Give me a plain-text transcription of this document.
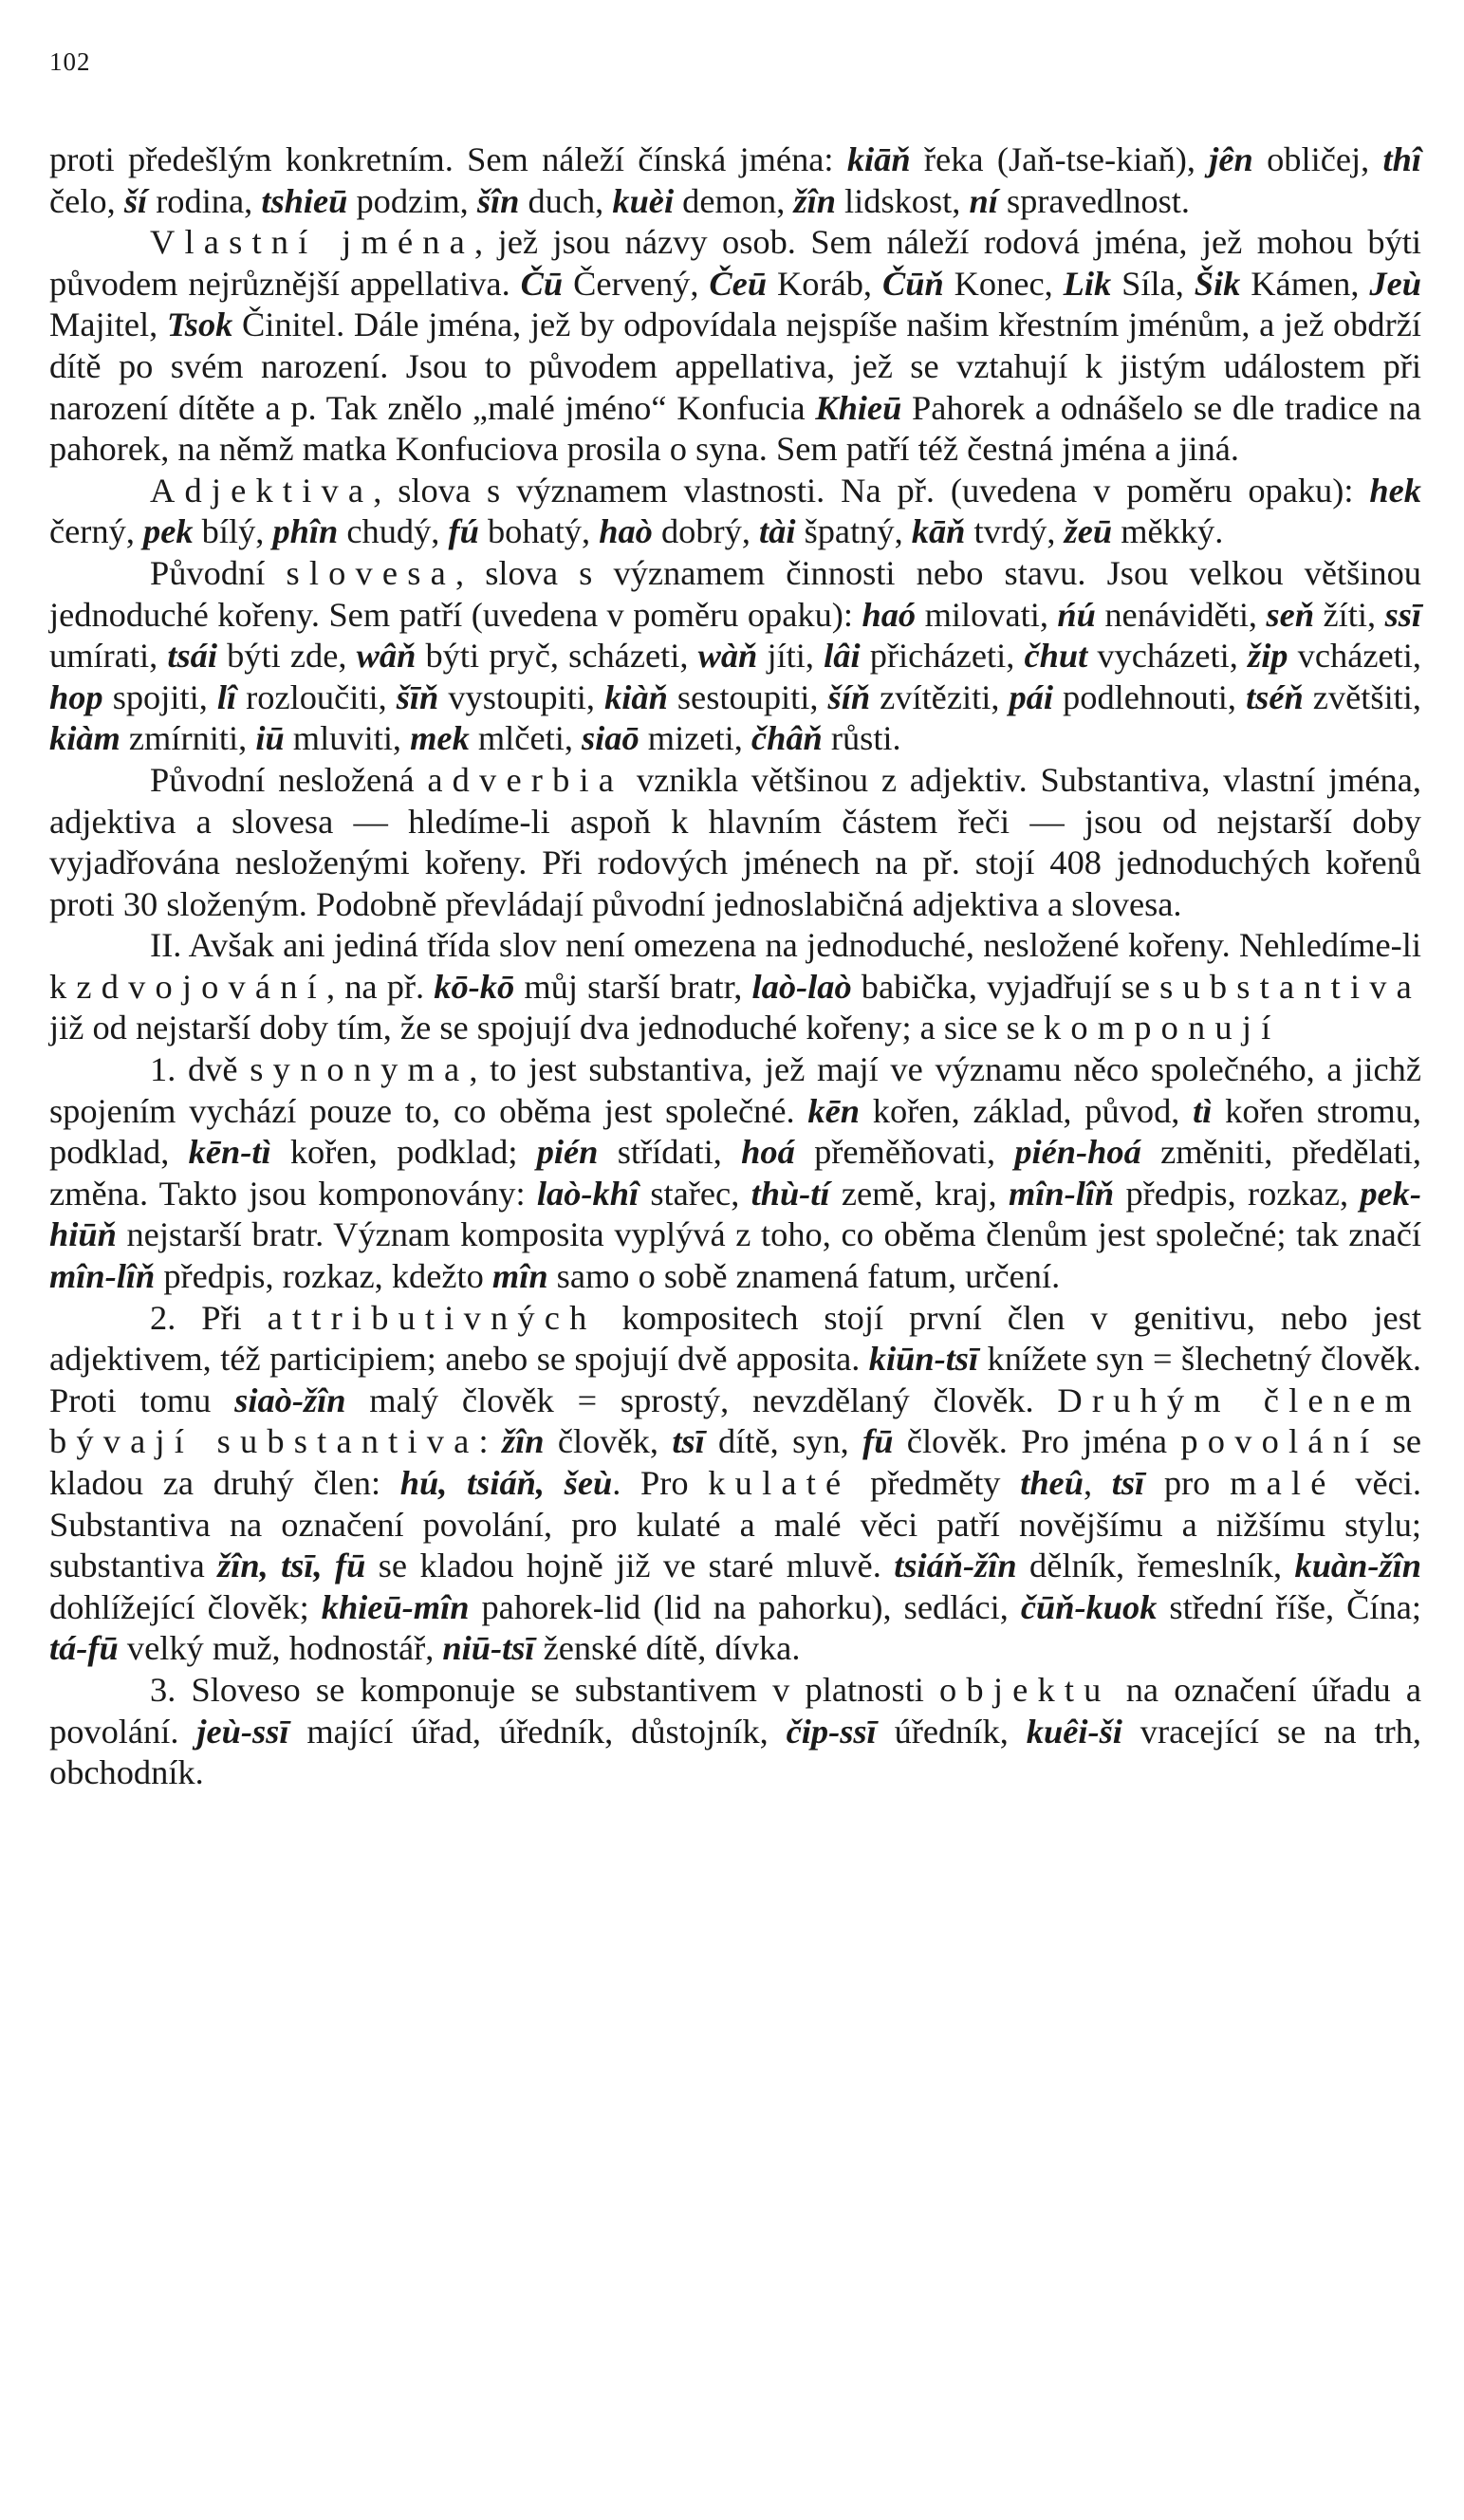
102

proti předešlým konkretním. Sem náleží čínská jména: kiāň řeka (Jaň-tse-kiaň), jên obličej, thî čelo, ší rodina, tshieū podzim, šîn duch, kuèi demon, žîn lidskost, ní spravedlnost.

Vlastní jména, jež jsou názvy osob. Sem náleží rodová jména, jež mohou býti původem nejrůznější appellativa. Čū Červený, Čeū Koráb, Čūň Konec, Lik Síla, Šik Kámen, Jeù Majitel, Tsok Činitel. Dále jména, jež by odpovídala nejspíše našim křestním jménům, a jež obdrží dítě po svém narození. Jsou to původem appellativa, jež se vztahují k jistým událostem při narození dítěte a p. Tak znělo „malé jméno“ Konfucia Khieū Pahorek a odnášelo se dle tradice na pahorek, na němž matka Konfuciova prosila o syna. Sem patří též čestná jména a jiná.

Adjektiva, slova s významem vlastnosti. Na př. (uvedena v poměru opaku): hek černý, pek bílý, phîn chudý, fú bohatý, haò dobrý, tài špatný, kāň tvrdý, žeū měkký.

Původní slovesa, slova s významem činnosti nebo stavu. Jsou velkou většinou jednoduché kořeny. Sem patří (uvedena v poměru opaku): haó milovati, ńú nenáviděti, seň žíti, ssī umírati, tsái býti zde, wâň býti pryč, scházeti, wàň jíti, lâi přicházeti, čhut vycházeti, žip vcházeti, hop spojiti, lî rozloučiti, šīň vystoupiti, kiàň sestoupiti, šíň zvítěziti, pái podlehnouti, tséň zvětšiti, kiàm zmírniti, iū mluviti, mek mlčeti, siaō mizeti, čhâň růsti.

Původní nesložená adverbia vznikla většinou z adjektiv. Substantiva, vlastní jména, adjektiva a slovesa — hledíme-li aspoň k hlavním částem řeči — jsou od nejstarší doby vyjadřována nesloženými kořeny. Při rodových jménech na př. stojí 408 jednoduchých kořenů proti 30 složeným. Podobně převládají původní jednoslabičná adjektiva a slovesa.

II. Avšak ani jediná třída slov není omezena na jednoduché, nesložené kořeny. Nehledíme-li k zdvojování, na př. kō-kō můj starší bratr, laò-laò babička, vyjadřují se substantiva již od nejstarší doby tím, že se spojují dva jednoduché kořeny; a sice se komponují

1. dvě synonyma, to jest substantiva, jež mají ve významu něco společného, a jichž spojením vychází pouze to, co oběma jest společné. kēn kořen, základ, původ, tì kořen stromu, podklad, kēn-tì kořen, podklad; pién střídati, hoá přeměňovati, pién-hoá změniti, předělati, změna. Takto jsou komponovány: laò-khî stařec, thù-tí země, kraj, mîn-lîň předpis, rozkaz, pek-hiūň nejstarší bratr. Význam komposita vyplývá z toho, co oběma členům jest společné; tak značí mîn-lîň předpis, rozkaz, kdežto mîn samo o sobě znamená fatum, určení.

2. Při attributivných kompositech stojí první člen v genitivu, nebo jest adjektivem, též participiem; anebo se spojují dvě apposita. kiūn-tsī knížete syn = šlechetný člověk. Proti tomu siaò-žîn malý člověk = sprostý, nevzdělaný člověk. Druhým členem bývají substantiva: žîn člověk, tsī dítě, syn, fū člověk. Pro jména povolání se kladou za druhý člen: hú, tsiáň, šeù. Pro kulaté předměty theû, tsī pro malé věci. Substantiva na označení povolání, pro kulaté a malé věci patří novějšímu a nižšímu stylu; substantiva žîn, tsī, fū se kladou hojně již ve staré mluvě. tsiáň-žîn dělník, řemeslník, kuàn-žîn dohlížející člověk; khieū-mîn pahorek-lid (lid na pahorku), sedláci, čūň-kuok střední říše, Čína; tá-fū velký muž, hodnostář, niū-tsī ženské dítě, dívka.

3. Sloveso se komponuje se substantivem v platnosti objektu na označení úřadu a povolání. jeù-ssī mající úřad, úředník, důstojník, čip-ssī úředník, kuêi-ši vracející se na trh, obchodník.
